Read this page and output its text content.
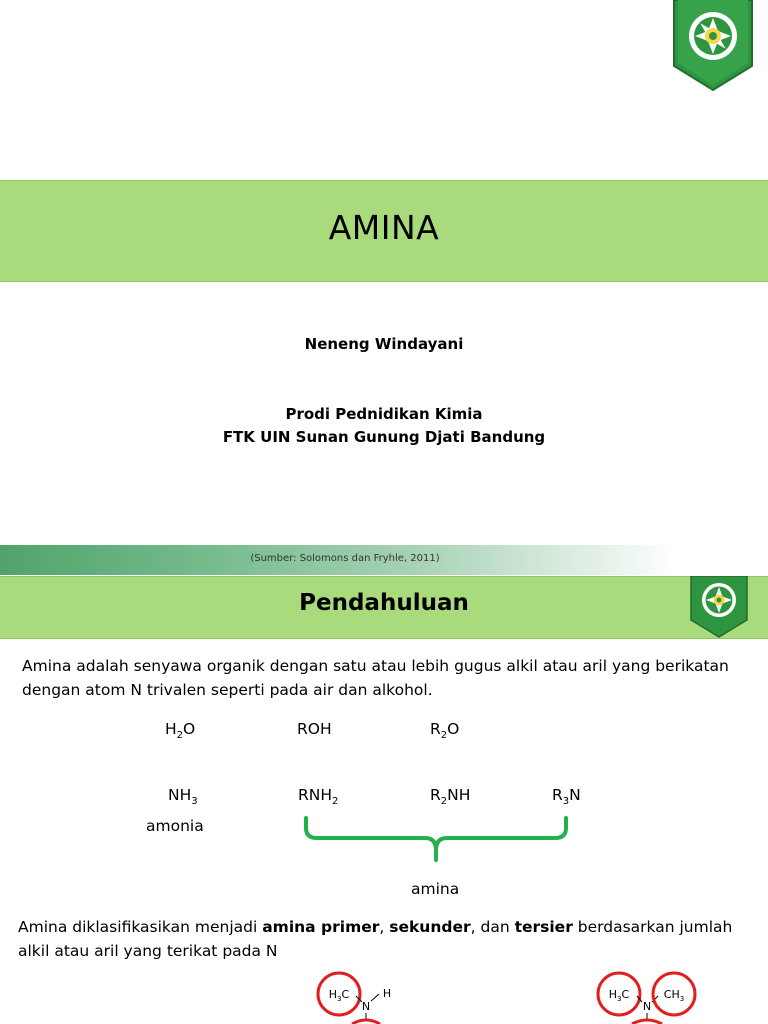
AMINA
Neneng Windayani
Prodi Pednidikan Kimia
FTK UIN Sunan Gunung Djati Bandung
(Sumber: Solomons dan Fryhle, 2011)
Pendahuluan
Amina adalah senyawa organik dengan satu atau lebih gugus alkil atau aril yang berikatan dengan atom N trivalen seperti pada air dan alkohol.
$H_2O$	ROH	$R_2O$
$NH_3$	$RNH_2$	$R_2NH$	$R_3N$
amonia
amina
Amina diklasifikasikan menjadi amina primer, sekunder, dan tersier berdasarkan jumlah alkil atau aril yang terikat pada N
$H_3C$
N
H	$H_3C$
N
$CH_3$
